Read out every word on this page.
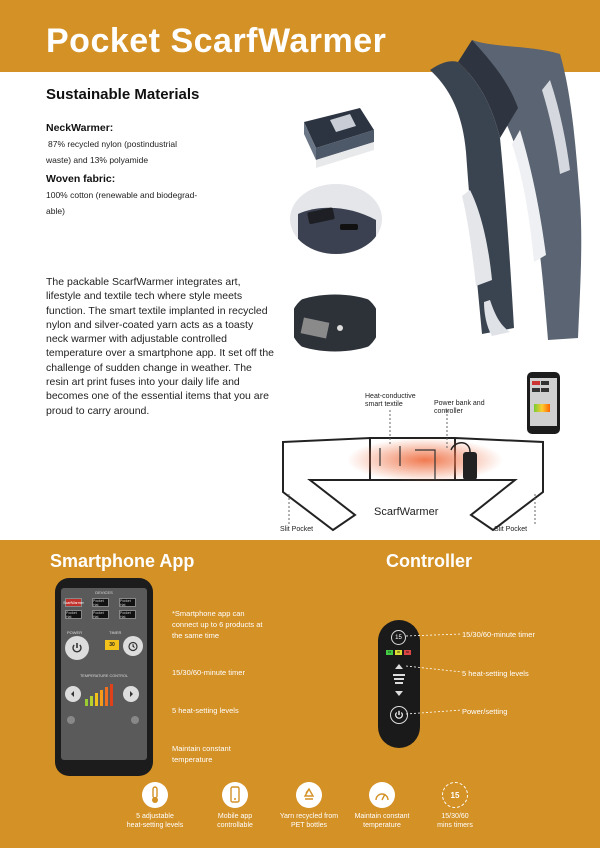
Pocket ScarfWarmer
Sustainable Materials
NeckWarmer:
87% recycled nylon (postindustrial
waste) and 13% polyamide
Woven fabric:
100% cotton (renewable and biodegrad-
able)
The packable ScarfWarmer integrates art, lifestyle and textile tech where style meets function. The smart textile implanted in recycled nylon and silver-coated yarn acts as a toasty neck warmer with adjustable controlled temperature over a smartphone app. It set off the challenge of sudden change in weather. The resin art print fuses into your daily life and becomes one of the essential items that you are proud to carry around.
Heat-conductive
smart textile	Power bank and
controller
ScarfWarmer
Slit Pocket	Slit Pocket
Smartphone App	Controller
DEVICES
ScarfWarmer	Pocket Hat
Pocket Hat
Pocket Hat
Pocket Hat
Pocket Hat
POWER	TIMER
30
TEMPERATURE CONTROL
*Smartphone app can
connect up to 6 products at
the same time
15/30/60-minute timer
5 heat-setting levels
Maintain constant
temperature
15
15	30	60
15/30/60-minute timer
5 heat-setting levels
Power/setting
5 adjustable
heat-setting levels
Mobile app
controllable
Yarn recycled from
PET bottles
Maintain constant
temperature
15
15/30/60
mins timers
